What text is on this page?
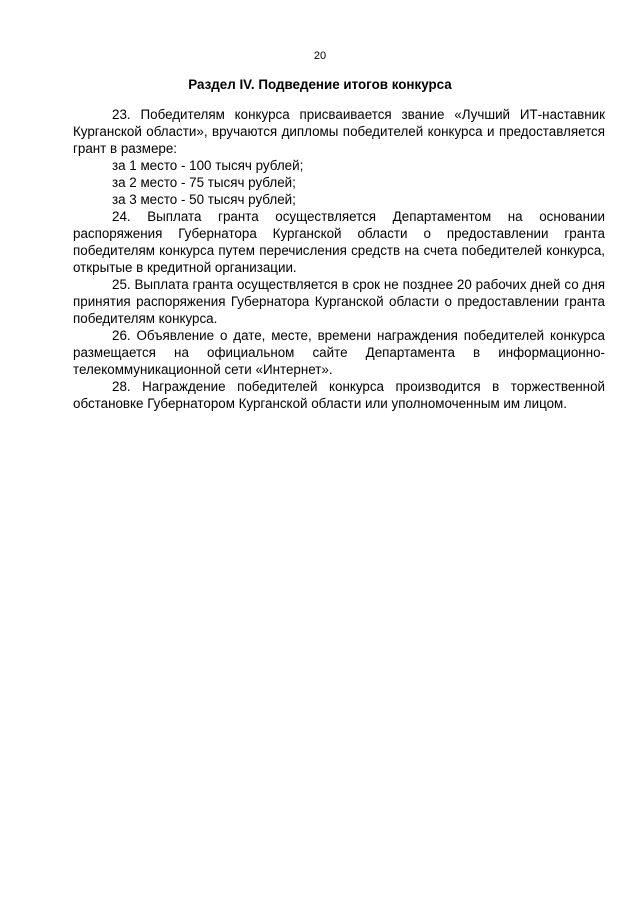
20
Раздел IV. Подведение итогов конкурса

23. Победителям конкурса присваивается звание «Лучший ИТ-наставник Курганской области», вручаются дипломы победителей конкурса и предоставляется грант в размере:

за 1 место - 100 тысяч рублей;

за 2 место - 75 тысяч рублей;

за 3 место - 50 тысяч рублей;

24. Выплата гранта осуществляется Департаментом на основании распоряжения Губернатора Курганской области о предоставлении гранта победителям конкурса путем перечисления средств на счета победителей конкурса, открытые в кредитной организации.

25. Выплата гранта осуществляется в срок не позднее 20 рабочих дней со дня принятия распоряжения Губернатора Курганской области о предоставлении гранта победителям конкурса.

26. Объявление о дате, месте, времени награждения победителей конкурса размещается на официальном сайте Департамента в информационно-телекоммуникационной сети «Интернет».

28. Награждение победителей конкурса производится в торжественной обстановке Губернатором Курганской области или уполномоченным им лицом.
